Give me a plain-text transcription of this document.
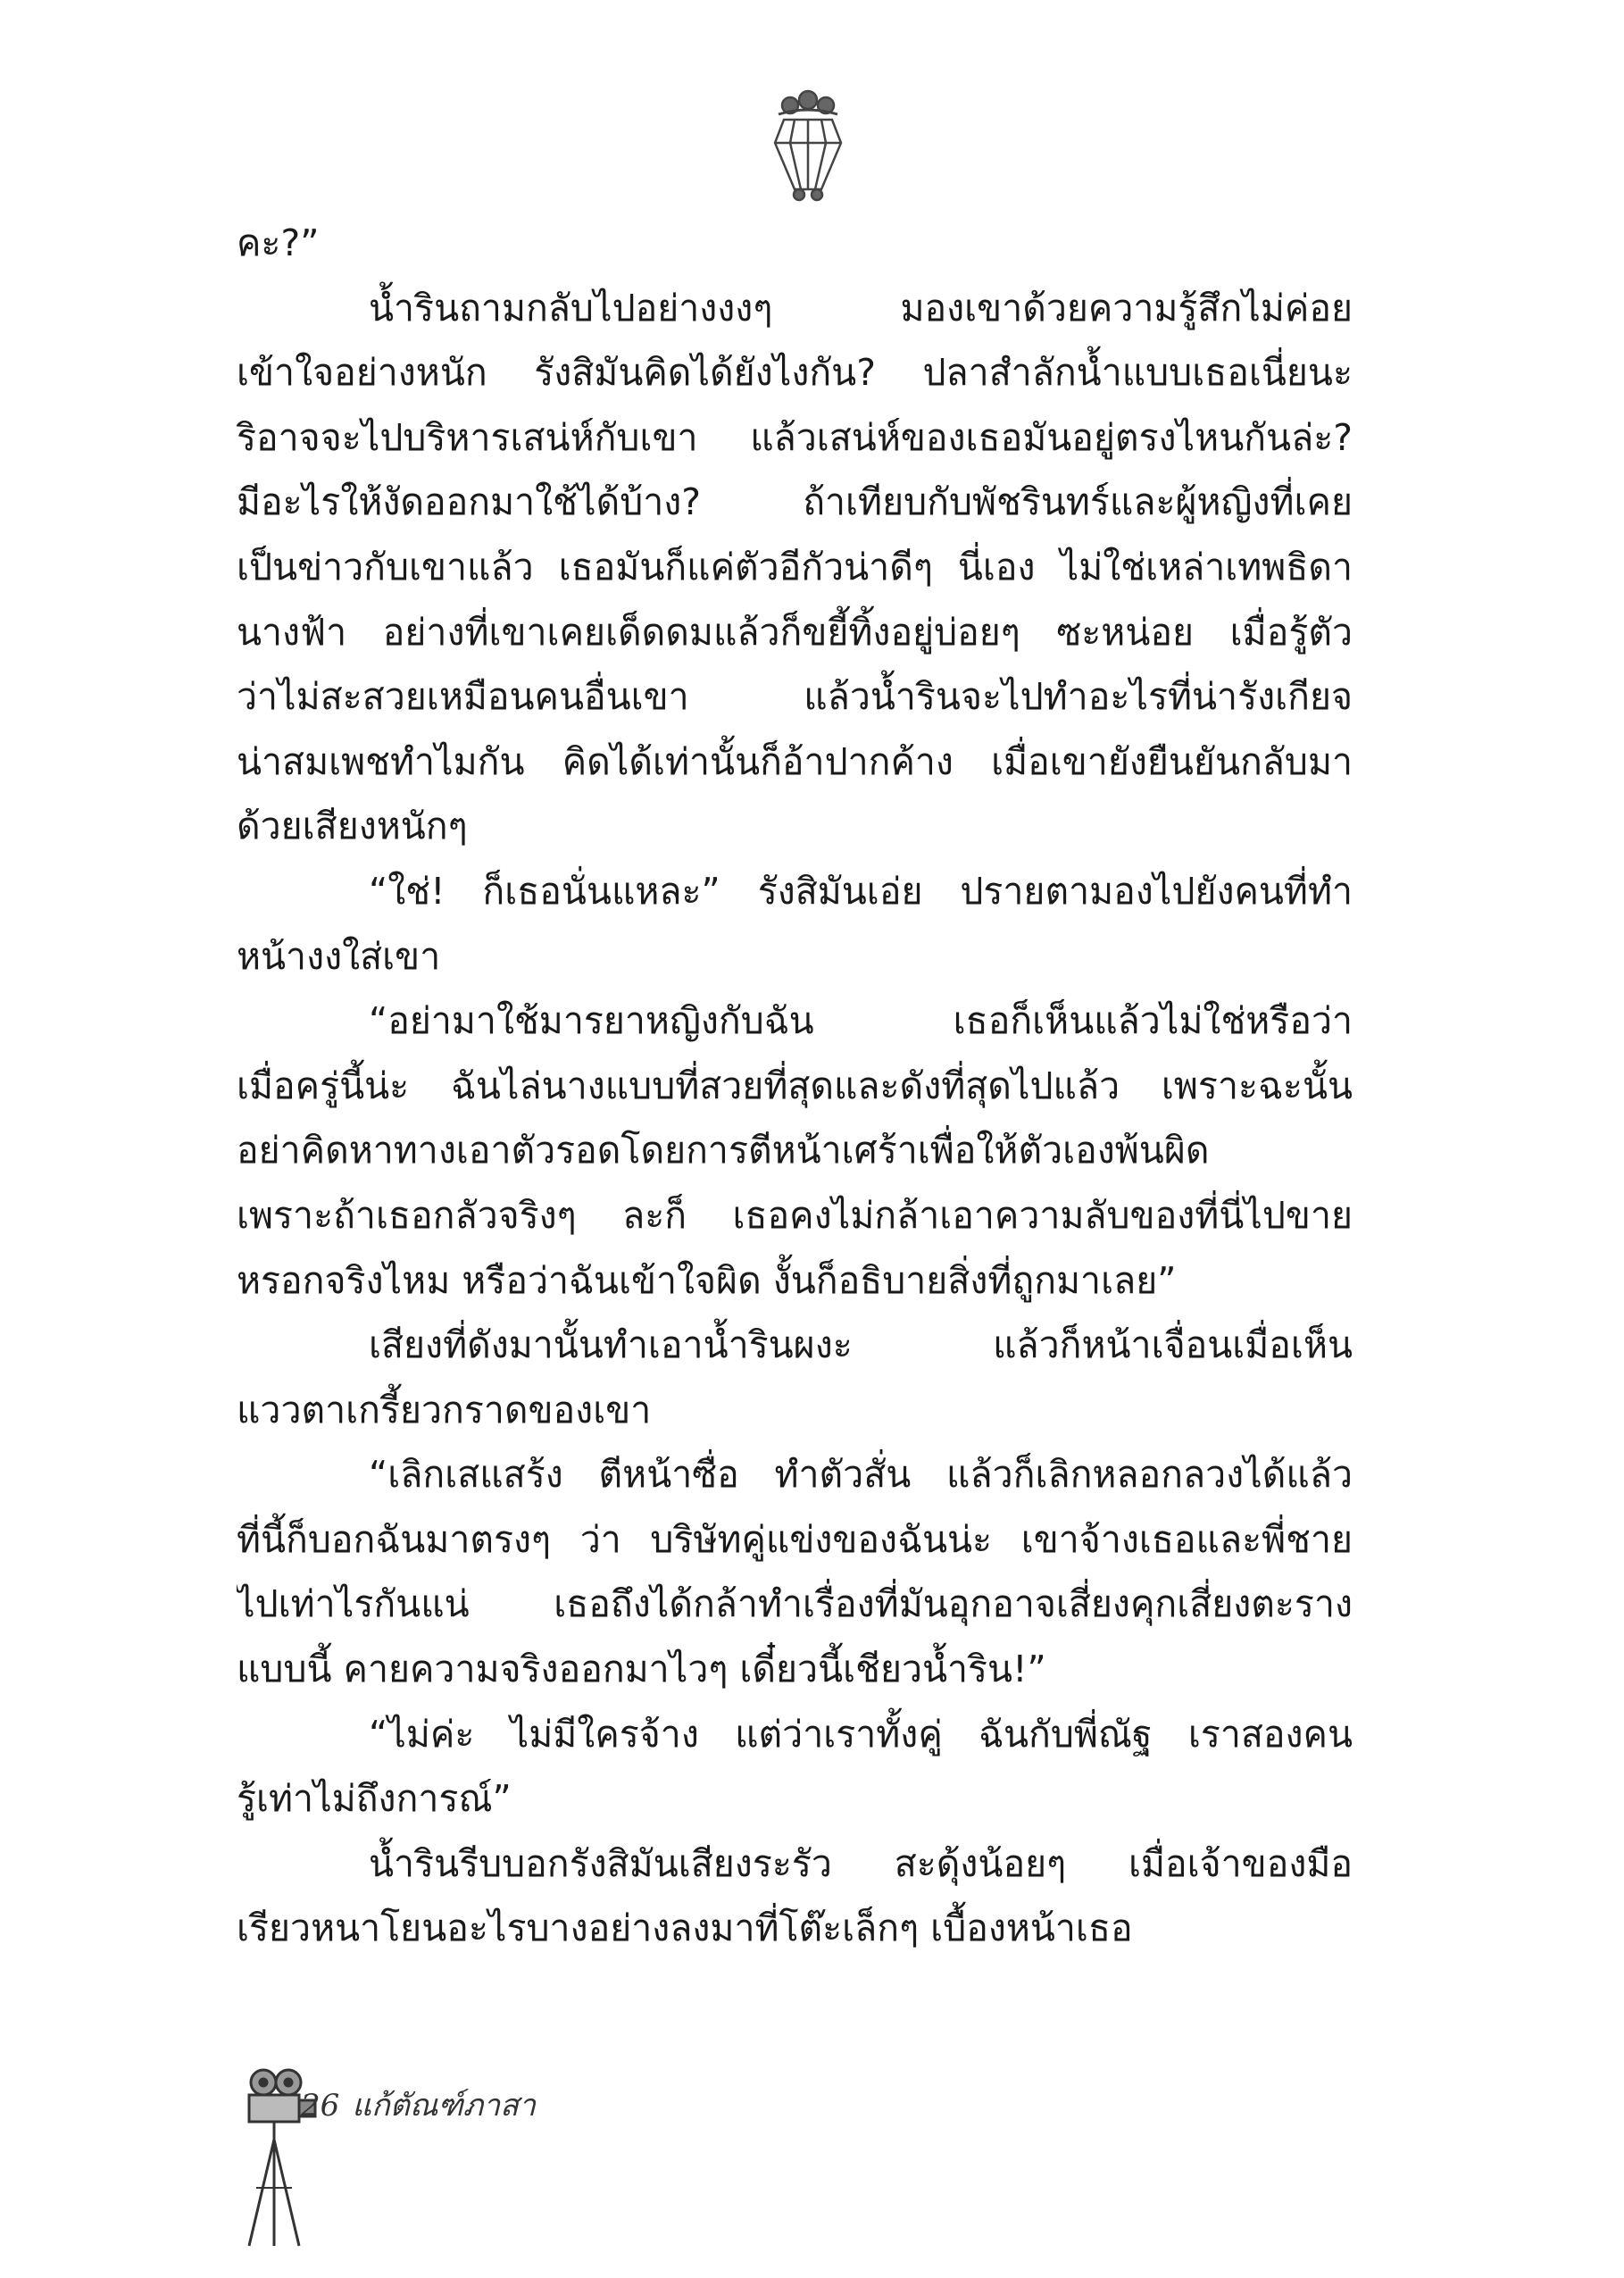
คะ?”
น้ำรินถามกลับไปอย่างงงๆ มองเขาด้วยความรู้สึกไม่ค่อย
เข้าใจอย่างหนัก รังสิมันคิดได้ยังไงกัน? ปลาสำลักน้ำแบบเธอเนี่ยนะ
ริอาจจะไปบริหารเสน่ห์กับเขา แล้วเสน่ห์ของเธอมันอยู่ตรงไหนกันล่ะ?
มีอะไรให้งัดออกมาใช้ได้บ้าง? ถ้าเทียบกับพัชรินทร์และผู้หญิงที่เคย
เป็นข่าวกับเขาแล้ว เธอมันก็แค่ตัวอีกัวน่าดีๆ นี่เอง ไม่ใช่เหล่าเทพธิดา
นางฟ้า อย่างที่เขาเคยเด็ดดมแล้วก็ขยี้ทิ้งอยู่บ่อยๆ ซะหน่อย เมื่อรู้ตัว
ว่าไม่สะสวยเหมือนคนอื่นเขา แล้วน้ำรินจะไปทำอะไรที่น่ารังเกียจ
น่าสมเพชทำไมกัน คิดได้เท่านั้นก็อ้าปากค้าง เมื่อเขายังยืนยันกลับมา
ด้วยเสียงหนักๆ
“ใช่! ก็เธอนั่นแหละ” รังสิมันเอ่ย ปรายตามองไปยังคนที่ทำ
หน้างงใส่เขา
“อย่ามาใช้มารยาหญิงกับฉัน เธอก็เห็นแล้วไม่ใช่หรือว่า
เมื่อครู่นี้น่ะ ฉันไล่นางแบบที่สวยที่สุดและดังที่สุดไปแล้ว เพราะฉะนั้น
อย่าคิดหาทางเอาตัวรอดโดยการตีหน้าเศร้าเพื่อให้ตัวเองพ้นผิด
เพราะถ้าเธอกลัวจริงๆ ละก็ เธอคงไม่กล้าเอาความลับของที่นี่ไปขาย
หรอกจริงไหม หรือว่าฉันเข้าใจผิด งั้นก็อธิบายสิ่งที่ถูกมาเลย”
เสียงที่ดังมานั้นทำเอาน้ำรินผงะ แล้วก็หน้าเจื่อนเมื่อเห็น
แววตาเกรี้ยวกราดของเขา
“เลิกเสแสร้ง ตีหน้าซื่อ ทำตัวสั่น แล้วก็เลิกหลอกลวงได้แล้ว
ที่นี้ก็บอกฉันมาตรงๆ ว่า บริษัทคู่แข่งของฉันน่ะ เขาจ้างเธอและพี่ชาย
ไปเท่าไรกันแน่ เธอถึงได้กล้าทำเรื่องที่มันอุกอาจเสี่ยงคุกเสี่ยงตะราง
แบบนี้ คายความจริงออกมาไวๆ เดี๋ยวนี้เชียวน้ำริน!”
“ไม่ค่ะ ไม่มีใครจ้าง แต่ว่าเราทั้งคู่ ฉันกับพี่ณัฐ เราสองคน
รู้เท่าไม่ถึงการณ์”
น้ำรินรีบบอกรังสิมันเสียงระรัว สะดุ้งน้อยๆ เมื่อเจ้าของมือ
เรียวหนาโยนอะไรบางอย่างลงมาที่โต๊ะเล็กๆ เบื้องหน้าเธอ
26 แก้ตัณฑ์ภาสา
